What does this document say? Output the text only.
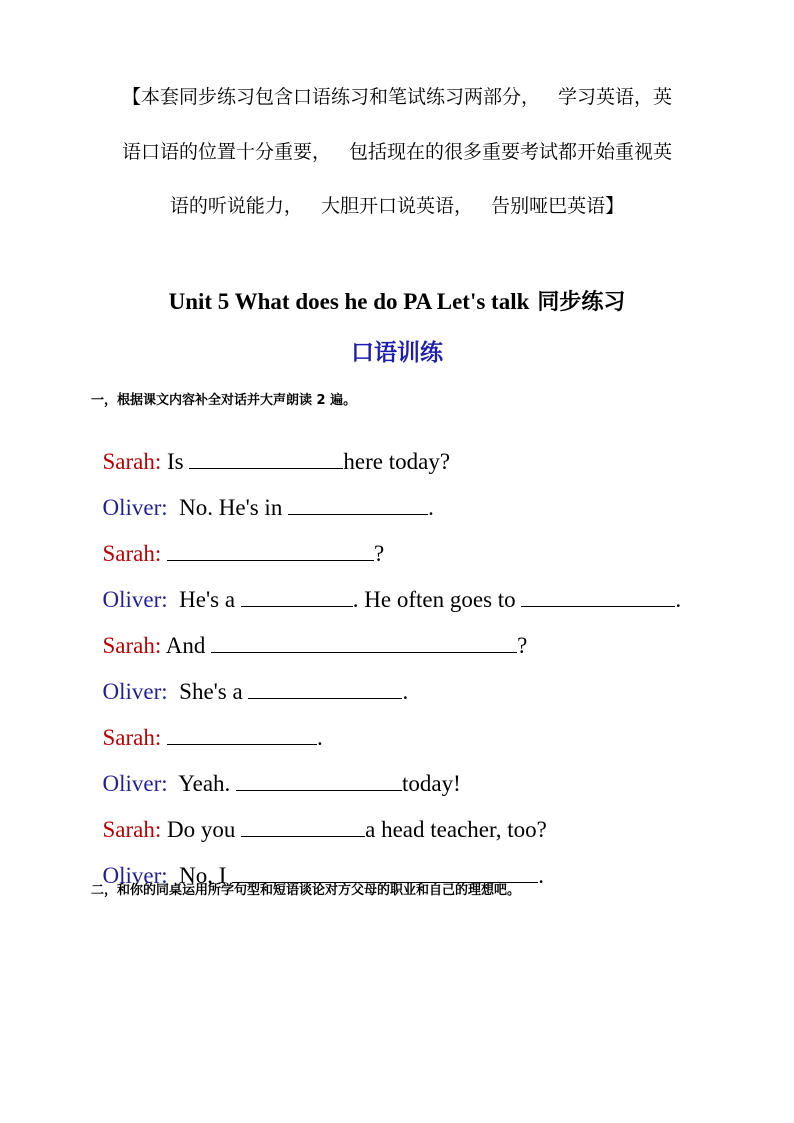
【本套同步练习包含口语练习和笔试练习两部分，   学习英语，英
语口语的位置十分重要，   包括现在的很多重要考试都开始重视英
语的听说能力，   大胆开口说英语，   告别哑巴英语】
Unit 5 What does he do PA Let's talk 同步练习
口语训练
一，根据课文内容补全对话并大声朗读 2 遍。

Sarah: Is	here today?

Oliver:  No. He's in	.

Sarah:	?

Oliver:  He's a	. He often goes to	.

Sarah: And	?

Oliver:  She's a	.

Sarah:	.

Oliver:  Yeah.	today!

Sarah: Do you	a head teacher, too?

Oliver:  No, I	.

二，和你的同桌运用所学句型和短语谈论对方父母的职业和自己的理想吧。
